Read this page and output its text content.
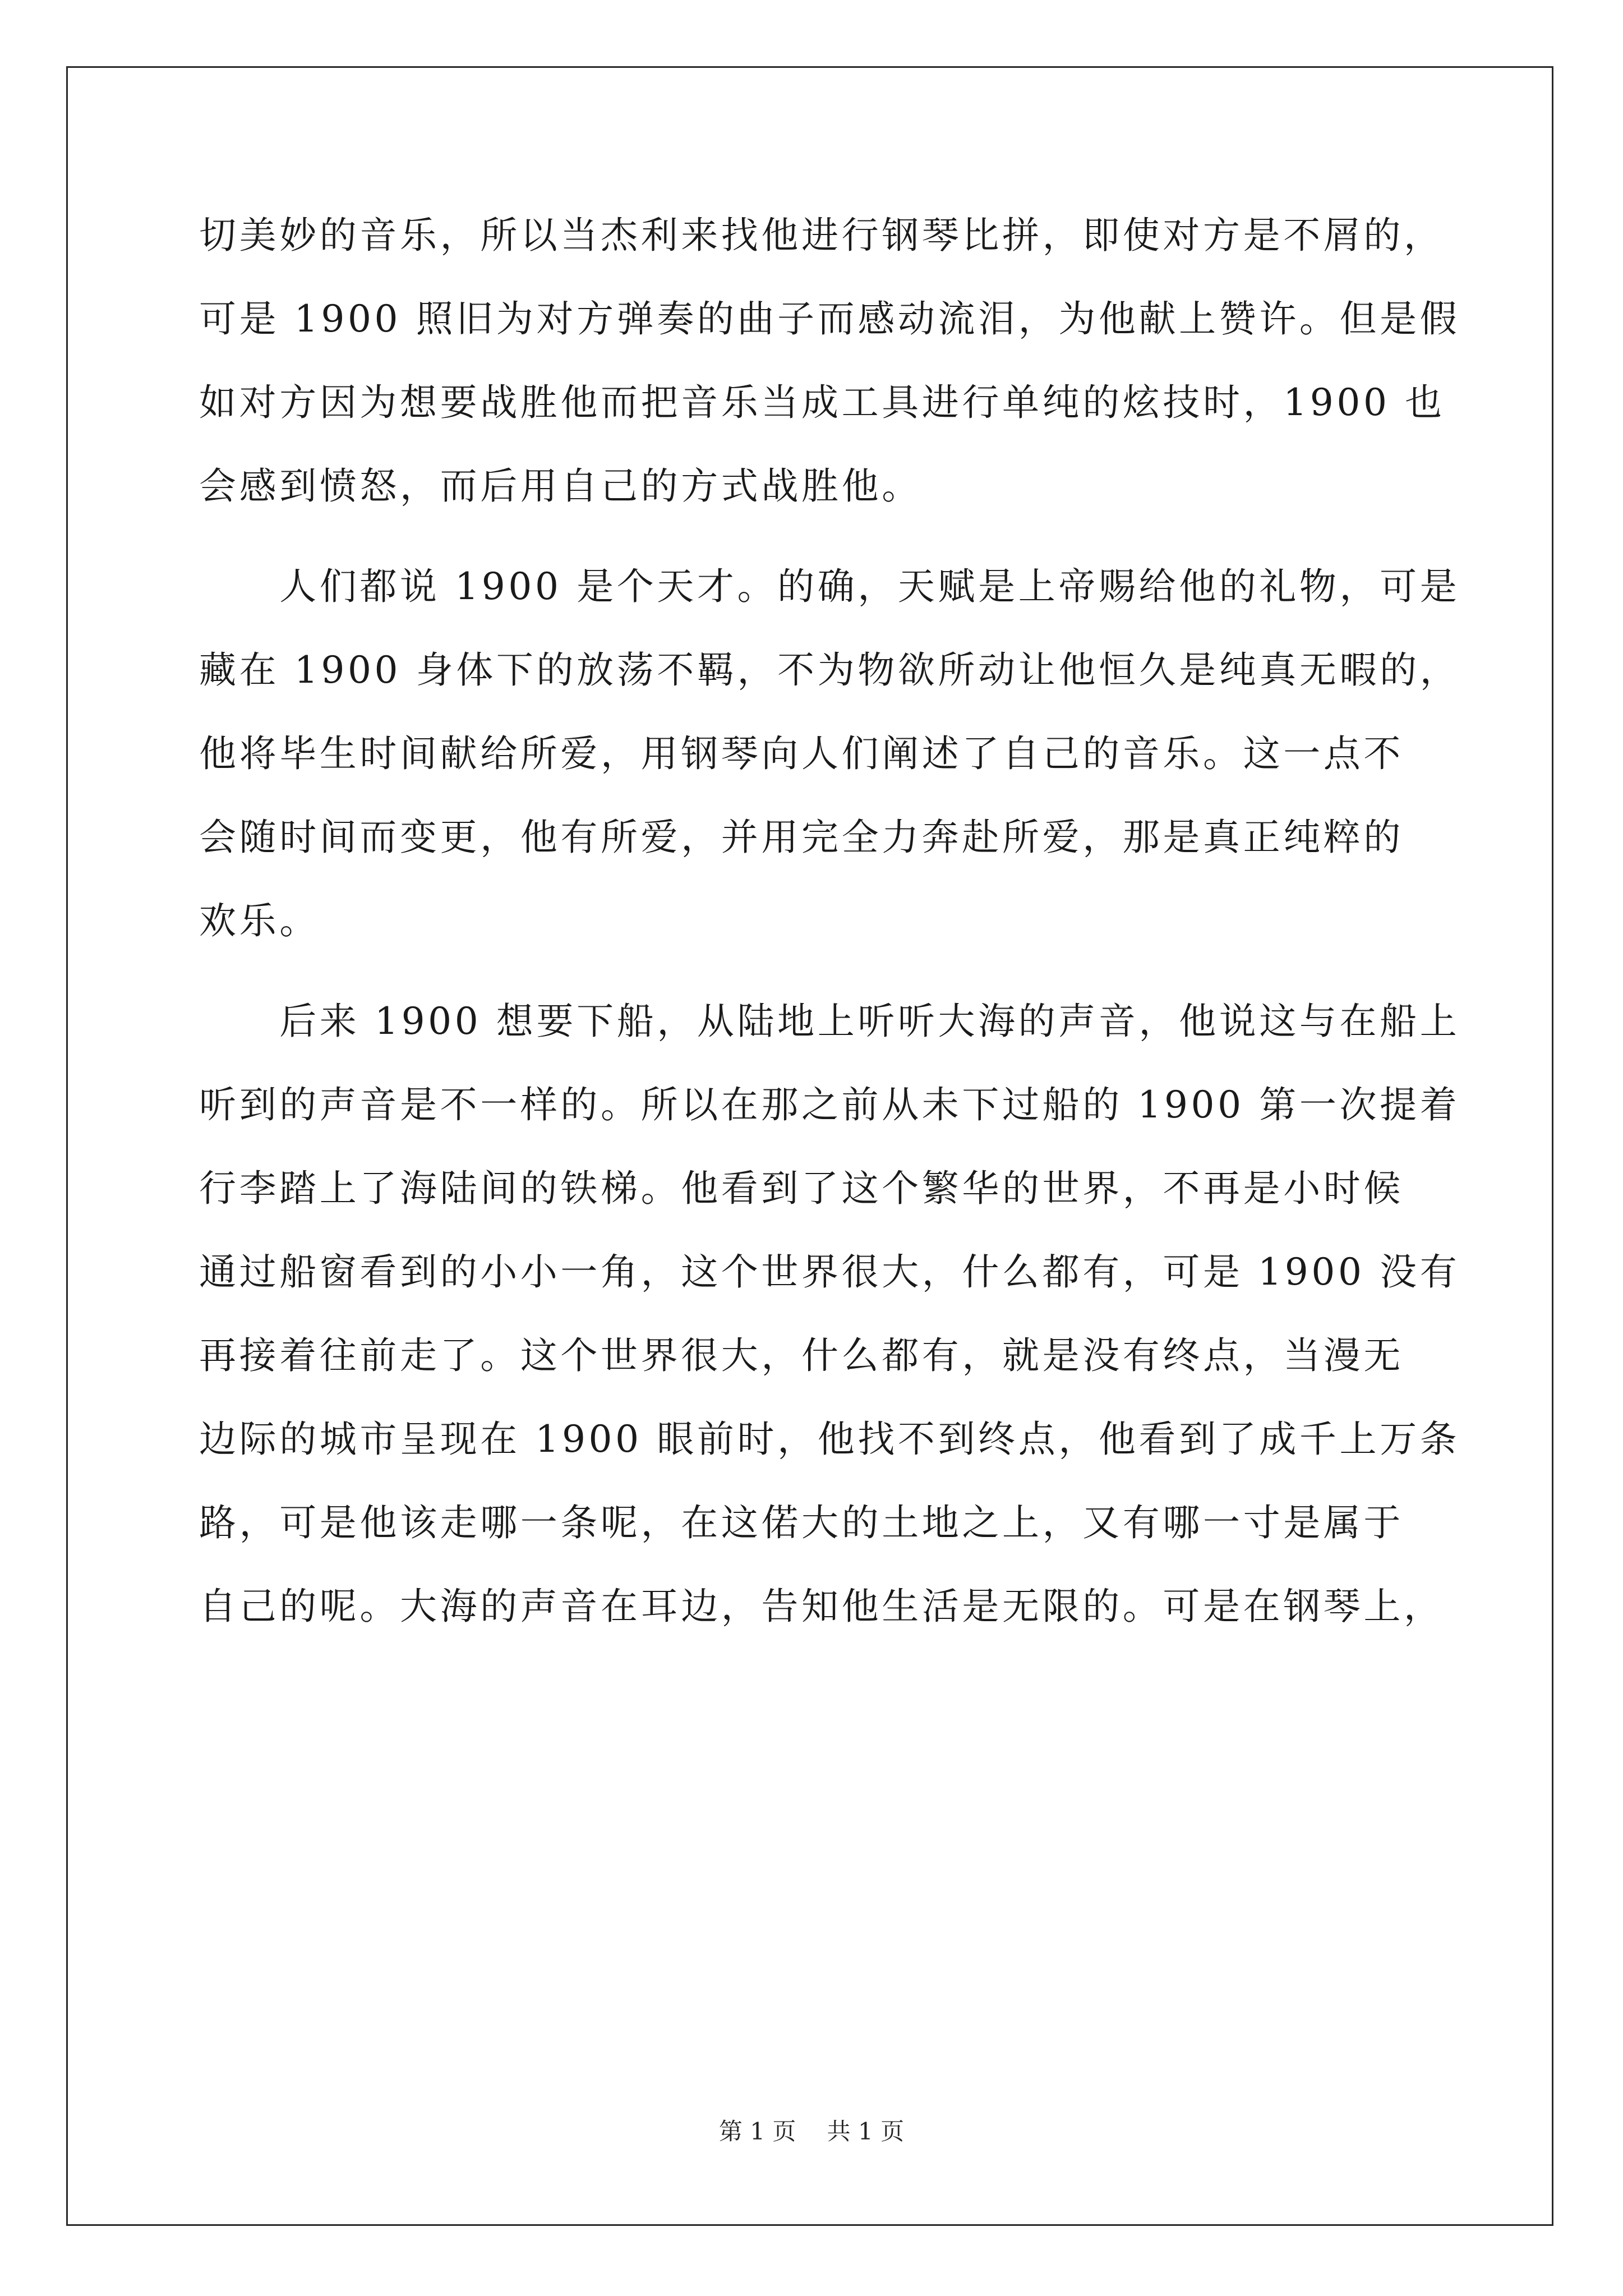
切美妙的音乐，所以当杰利来找他进行钢琴比拼，即使对方是不屑的，
可是 1900 照旧为对方弹奏的曲子而感动流泪，为他献上赞许。但是假
如对方因为想要战胜他而把音乐当成工具进行单纯的炫技时，1900 也
会感到愤怒，而后用自己的方式战胜他。
　　人们都说 1900 是个天才。的确，天赋是上帝赐给他的礼物，可是
藏在 1900 身体下的放荡不羁，不为物欲所动让他恒久是纯真无暇的，
他将毕生时间献给所爱，用钢琴向人们阐述了自己的音乐。这一点不
会随时间而变更，他有所爱，并用完全力奔赴所爱，那是真正纯粹的
欢乐。
　　后来 1900 想要下船，从陆地上听听大海的声音，他说这与在船上
听到的声音是不一样的。所以在那之前从未下过船的 1900 第一次提着
行李踏上了海陆间的铁梯。他看到了这个繁华的世界，不再是小时候
通过船窗看到的小小一角，这个世界很大，什么都有，可是 1900 没有
再接着往前走了。这个世界很大，什么都有，就是没有终点，当漫无
边际的城市呈现在 1900 眼前时，他找不到终点，他看到了成千上万条
路，可是他该走哪一条呢，在这偌大的土地之上，又有哪一寸是属于
自己的呢。大海的声音在耳边，告知他生活是无限的。可是在钢琴上，
第 1 页　 共 1 页
